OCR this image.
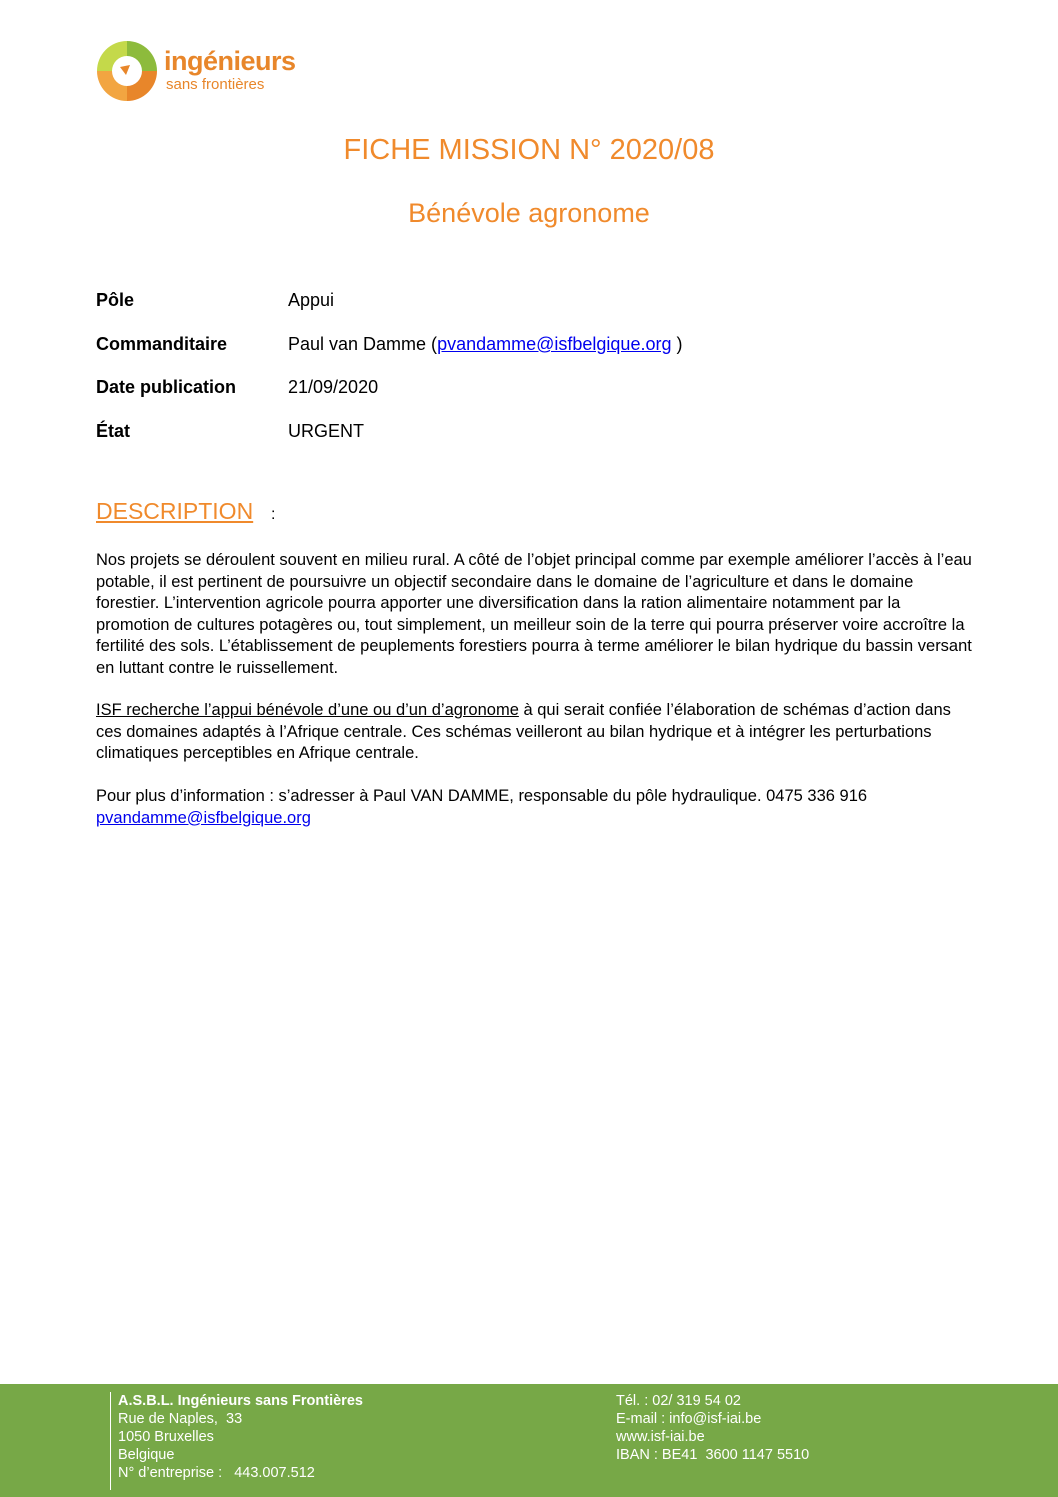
ingénieurs
sans frontières
FICHE MISSION N° 2020/08
Bénévole agronome
Pôle	Appui
Commanditaire	Paul van Damme (pvandamme@isfbelgique.org )
Date publication	21/09/2020
État	URGENT
DESCRIPTION :

Nos projets se déroulent souvent en milieu rural. A côté de l’objet principal comme par exemple améliorer l’accès à l’eau potable, il est pertinent de poursuivre un objectif secondaire dans le domaine de l’agriculture et dans le domaine forestier. L’intervention agricole pourra apporter une diversification dans la ration alimentaire notamment par la promotion de cultures potagères ou, tout simplement, un meilleur soin de la terre qui pourra préserver voire accroître la fertilité des sols. L’établissement de peuplements forestiers pourra à terme améliorer le bilan hydrique du bassin versant en luttant contre le ruissellement.

ISF recherche l’appui bénévole d’une ou d’un d’agronome à qui serait confiée l’élaboration de schémas d’action dans ces domaines adaptés à l’Afrique centrale. Ces schémas veilleront au bilan hydrique et à intégrer les perturbations climatiques perceptibles en Afrique centrale.

Pour plus d’information : s’adresser à Paul VAN DAMME, responsable du pôle hydraulique. 0475 336 916
pvandamme@isfbelgique.org

A.S.B.L. Ingénieurs sans Frontières
Rue de Naples,  33
1050 Bruxelles
Belgique
N° d’entreprise :   443.007.512
Tél. : 02/ 319 54 02
E-mail : info@isf-iai.be
www.isf-iai.be
IBAN : BE41  3600 1147 5510
